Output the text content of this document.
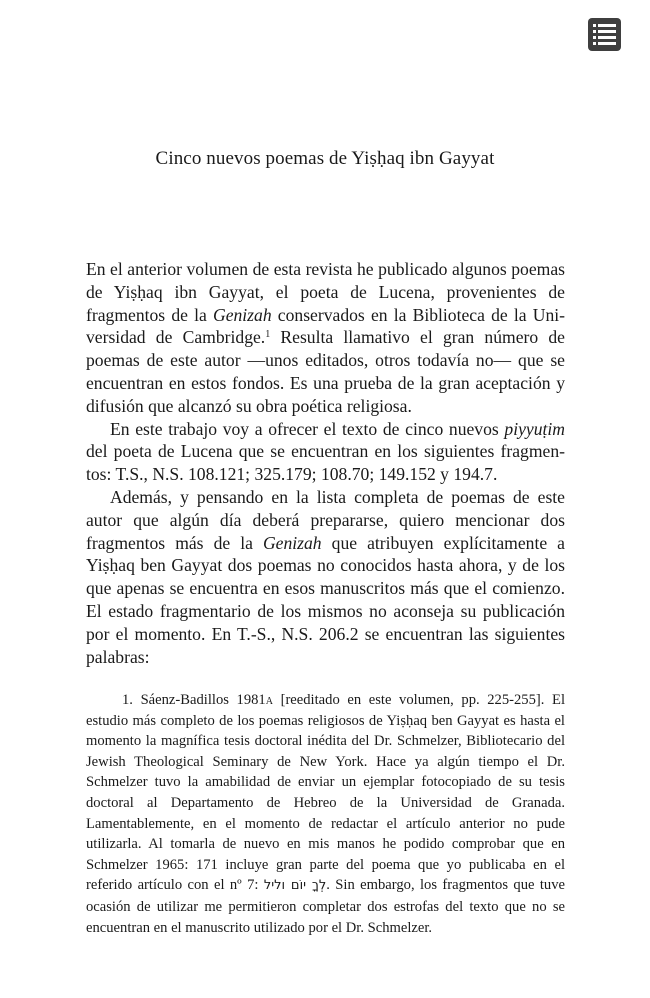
Cinco nuevos poemas de Yiṣḥaq ibn Gayyat

En el anterior volumen de esta revista he publicado algunos poemas de Yiṣḥaq ibn Gayyat, el poeta de Lucena, provenientes de fragmentos de la Genizah conservados en la Biblioteca de la Universidad de Cambridge.$^1$ Resulta llamativo el gran número de poemas de este autor —unos editados, otros todavía no— que se encuentran en estos fondos. Es una prueba de la gran aceptación y difusión que alcanzó su obra poética religiosa.

En este trabajo voy a ofrecer el texto de cinco nuevos piyyuṭim del poeta de Lucena que se encuentran en los siguientes fragmentos: T.S., N.S. 108.121; 325.179; 108.70; 149.152 y 194.7.

Además, y pensando en la lista completa de poemas de este autor que algún día deberá prepararse, quiero mencionar dos fragmentos más de la Genizah que atribuyen explícitamente a Yiṣḥaq ben Gayyat dos poemas no conocidos hasta ahora, y de los que apenas se encuentra en esos manuscritos más que el comienzo. El estado fragmentario de los mismos no aconseja su publicación por el momento. En T.-S., N.S. 206.2 se encuentran las siguientes palabras:

1. Sáenz-Badillos 1981a [reeditado en este volumen, pp. 225-255]. El estudio más completo de los poemas religiosos de Yiṣḥaq ben Gayyat es hasta el momento la magnífica tesis doctoral inédita del Dr. Schmelzer, Bibliotecario del Jewish Theological Seminary de New York. Hace ya algún tiempo el Dr. Schmelzer tuvo la amabilidad de enviar un ejemplar fotocopiado de su tesis doctoral al Departamento de Hebreo de la Universidad de Granada. Lamentablemente, en el momento de redactar el artículo anterior no pude utilizarla. Al tomarla de nuevo en mis manos he podido comprobar que en Schmelzer 1965: 171 incluye gran parte del poema que yo publicaba en el referido artículo con el nº 7: לְךָ יוֹם וליל. Sin embargo, los fragmentos que tuve ocasión de utilizar me permitieron completar dos estrofas del texto que no se encuentran en el manuscrito utilizado por el Dr. Schmelzer.
